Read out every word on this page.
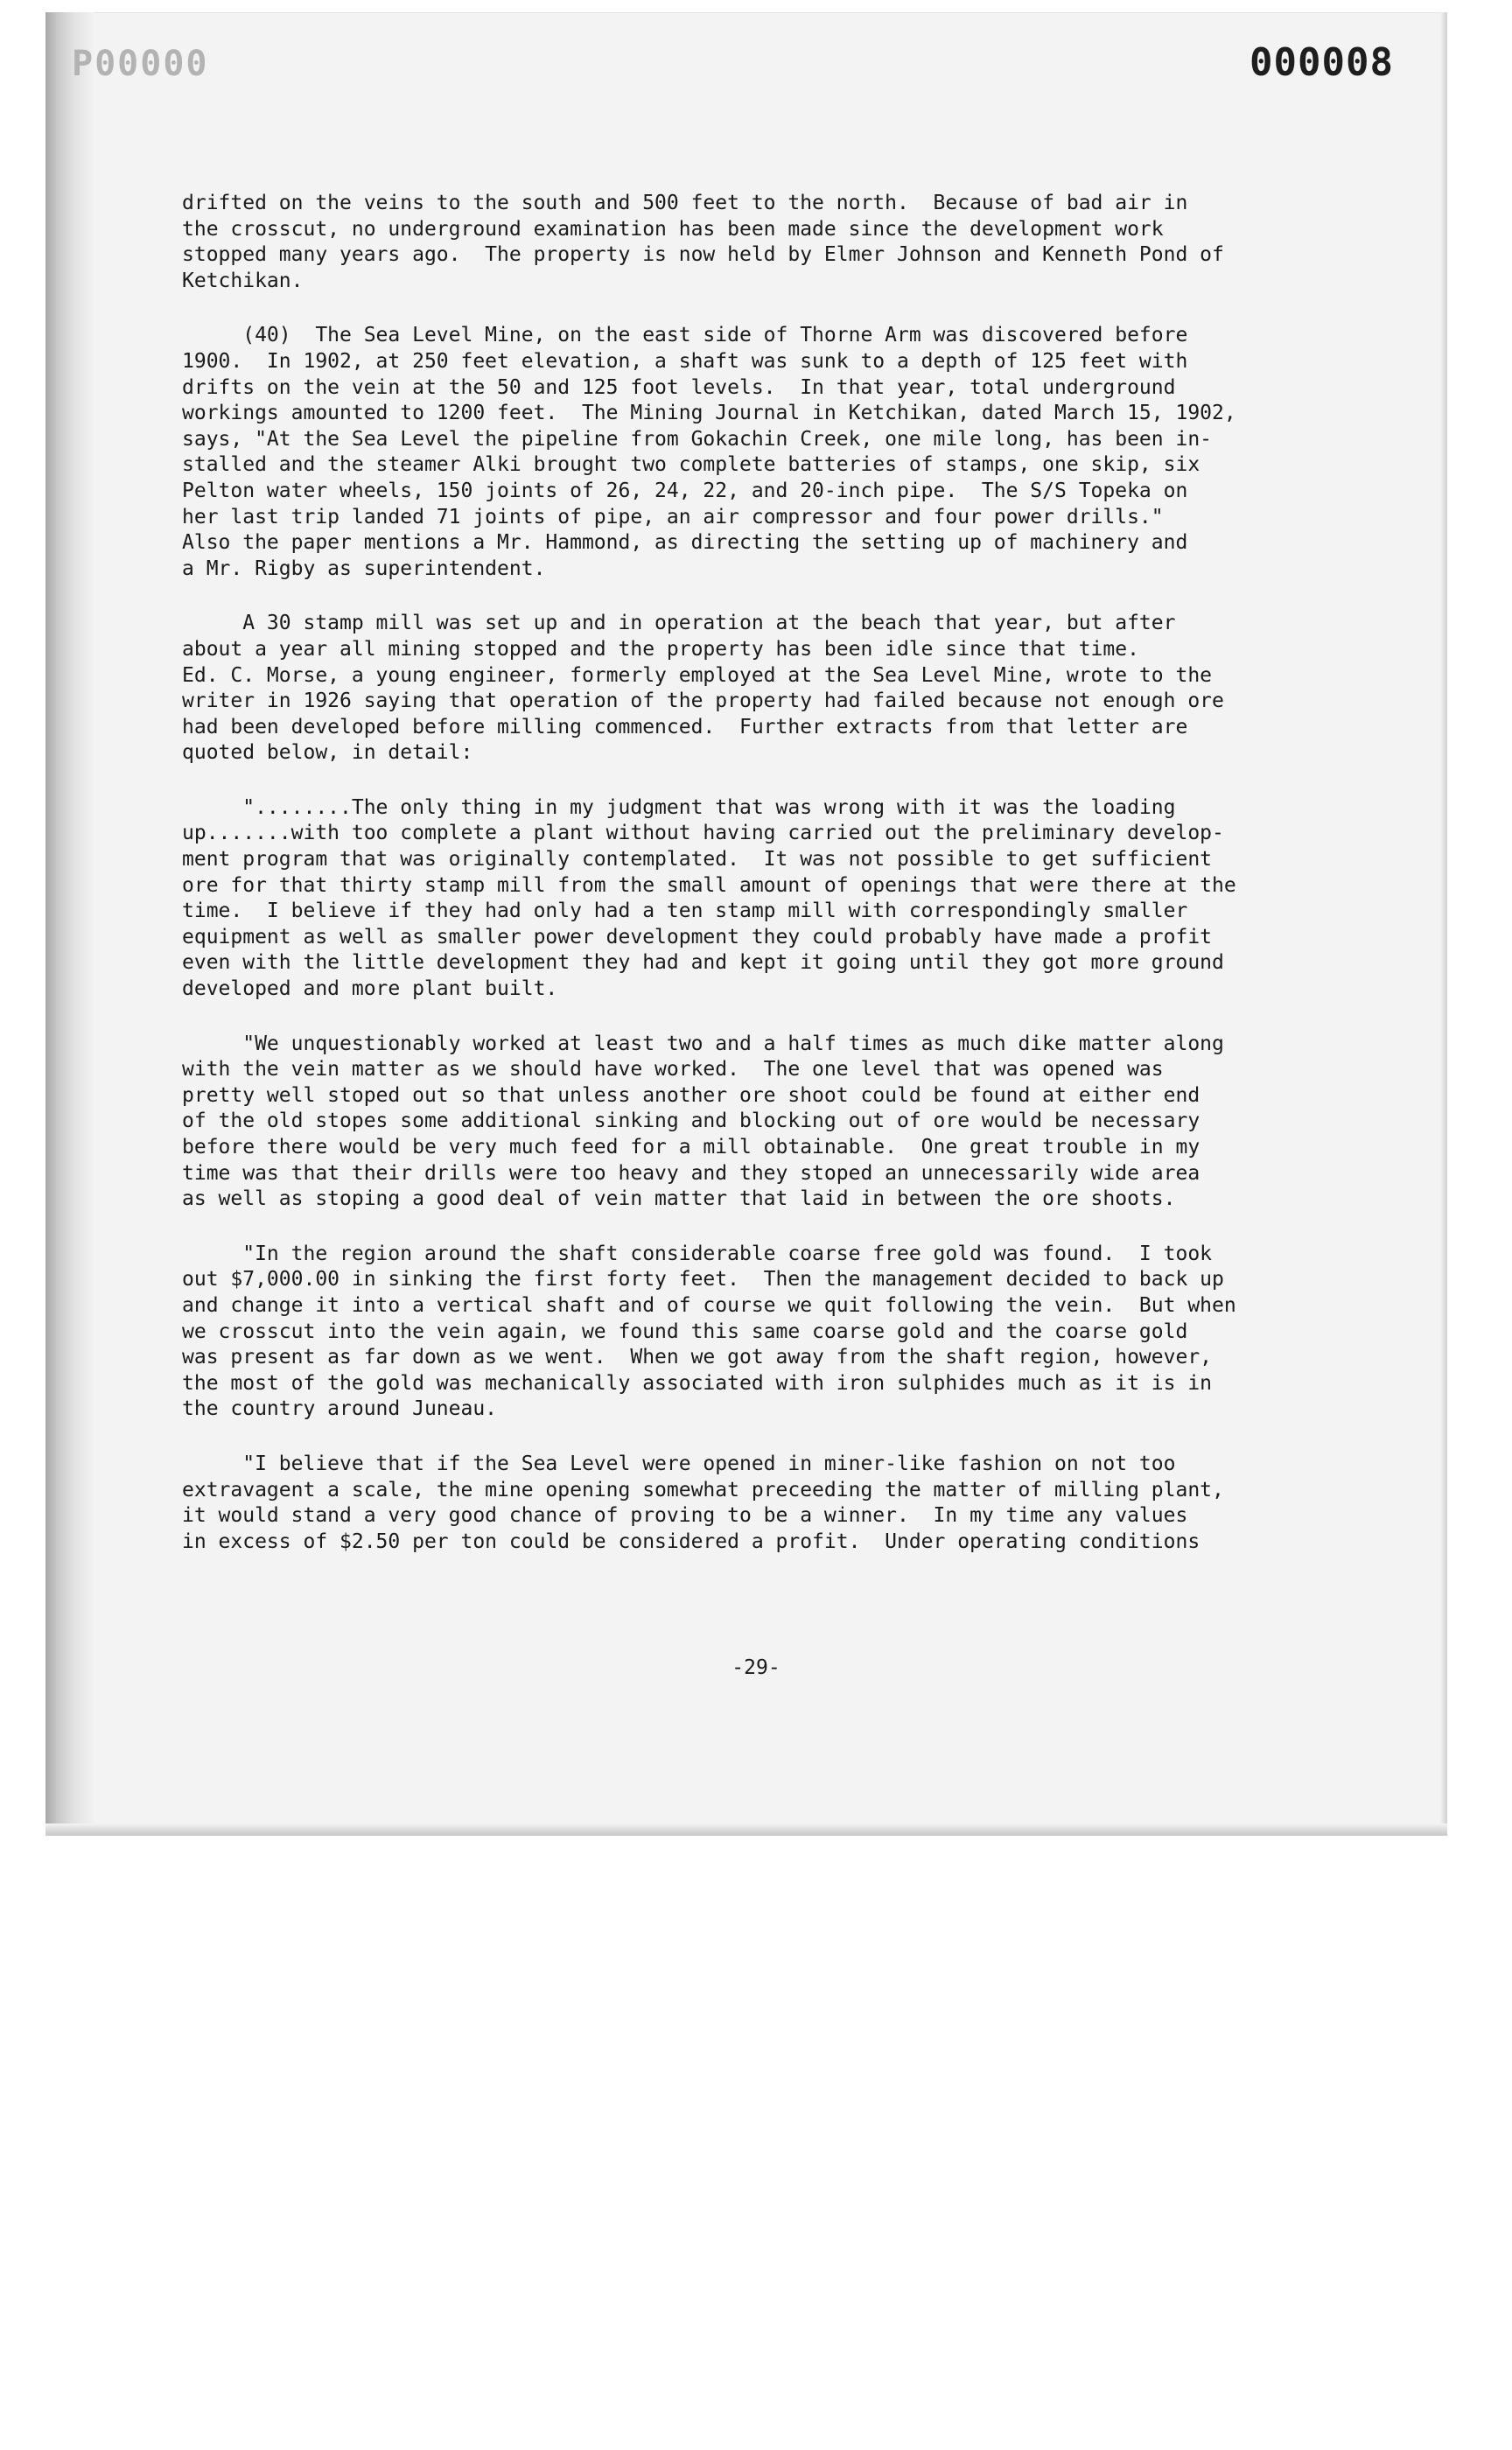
P00000	000008
drifted on the veins to the south and 500 feet to the north.  Because of bad air in
the crosscut, no underground examination has been made since the development work
stopped many years ago.  The property is now held by Elmer Johnson and Kenneth Pond of
Ketchikan.
(40)  The Sea Level Mine, on the east side of Thorne Arm was discovered before
1900.  In 1902, at 250 feet elevation, a shaft was sunk to a depth of 125 feet with
drifts on the vein at the 50 and 125 foot levels.  In that year, total underground
workings amounted to 1200 feet.  The Mining Journal in Ketchikan, dated March 15, 1902,
says, "At the Sea Level the pipeline from Gokachin Creek, one mile long, has been in-
stalled and the steamer Alki brought two complete batteries of stamps, one skip, six
Pelton water wheels, 150 joints of 26, 24, 22, and 20-inch pipe.  The S/S Topeka on
her last trip landed 71 joints of pipe, an air compressor and four power drills."
Also the paper mentions a Mr. Hammond, as directing the setting up of machinery and
a Mr. Rigby as superintendent.
A 30 stamp mill was set up and in operation at the beach that year, but after
about a year all mining stopped and the property has been idle since that time.
Ed. C. Morse, a young engineer, formerly employed at the Sea Level Mine, wrote to the
writer in 1926 saying that operation of the property had failed because not enough ore
had been developed before milling commenced.  Further extracts from that letter are
quoted below, in detail:
"........The only thing in my judgment that was wrong with it was the loading
up.......with too complete a plant without having carried out the preliminary develop-
ment program that was originally contemplated.  It was not possible to get sufficient
ore for that thirty stamp mill from the small amount of openings that were there at the
time.  I believe if they had only had a ten stamp mill with correspondingly smaller
equipment as well as smaller power development they could probably have made a profit
even with the little development they had and kept it going until they got more ground
developed and more plant built.
"We unquestionably worked at least two and a half times as much dike matter along
with the vein matter as we should have worked.  The one level that was opened was
pretty well stoped out so that unless another ore shoot could be found at either end
of the old stopes some additional sinking and blocking out of ore would be necessary
before there would be very much feed for a mill obtainable.  One great trouble in my
time was that their drills were too heavy and they stoped an unnecessarily wide area
as well as stoping a good deal of vein matter that laid in between the ore shoots.
"In the region around the shaft considerable coarse free gold was found.  I took
out $7,000.00 in sinking the first forty feet.  Then the management decided to back up
and change it into a vertical shaft and of course we quit following the vein.  But when
we crosscut into the vein again, we found this same coarse gold and the coarse gold
was present as far down as we went.  When we got away from the shaft region, however,
the most of the gold was mechanically associated with iron sulphides much as it is in
the country around Juneau.
"I believe that if the Sea Level were opened in miner-like fashion on not too
extravagent a scale, the mine opening somewhat preceeding the matter of milling plant,
it would stand a very good chance of proving to be a winner.  In my time any values
in excess of $2.50 per ton could be considered a profit.  Under operating conditions
-29-
